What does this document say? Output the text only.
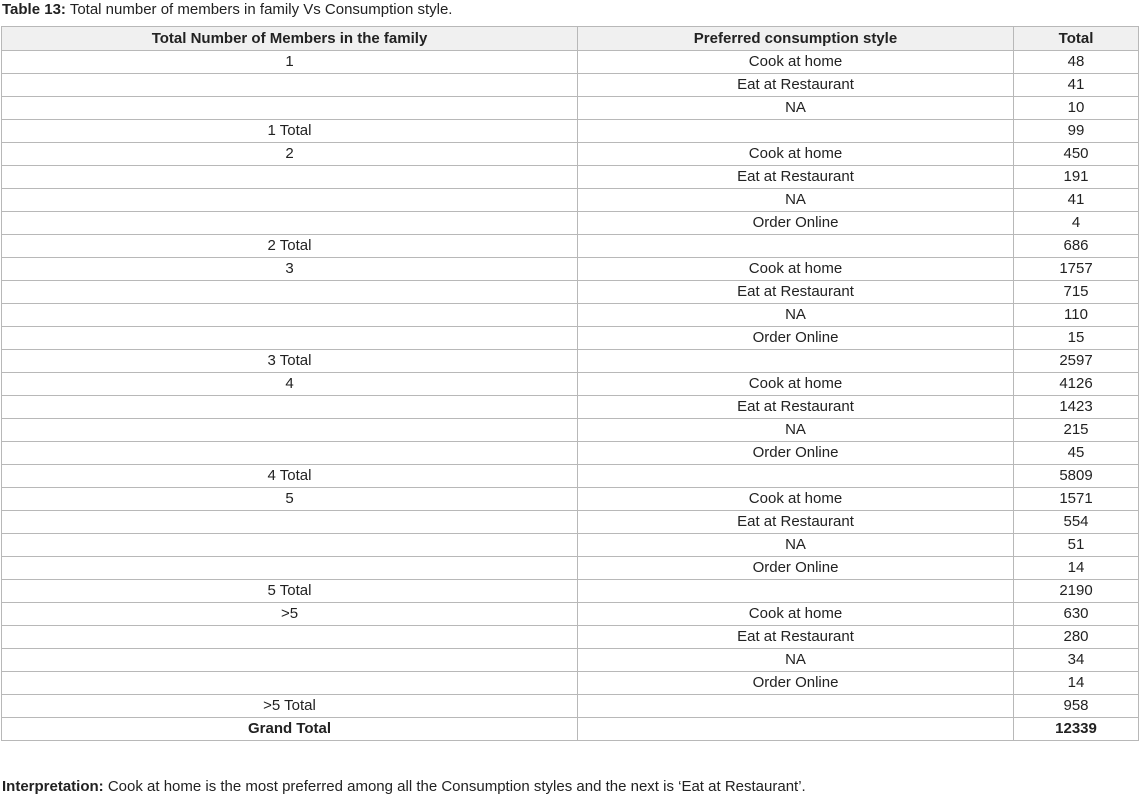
Table 13: Total number of members in family Vs Consumption style.
Total Number of Members in the family	Preferred consumption style	Total
1	Cook at home	48
	Eat at Restaurant	41
	NA	10
1 Total		99
2	Cook at home	450
	Eat at Restaurant	191
	NA	41
	Order Online	4
2 Total		686
3	Cook at home	1757
	Eat at Restaurant	715
	NA	110
	Order Online	15
3 Total		2597
4	Cook at home	4126
	Eat at Restaurant	1423
	NA	215
	Order Online	45
4 Total		5809
5	Cook at home	1571
	Eat at Restaurant	554
	NA	51
	Order Online	14
5 Total		2190
>5	Cook at home	630
	Eat at Restaurant	280
	NA	34
	Order Online	14
>5 Total		958
Grand Total		12339
Interpretation: Cook at home is the most preferred among all the Consumption styles and the next is ‘Eat at Restaurant’.
